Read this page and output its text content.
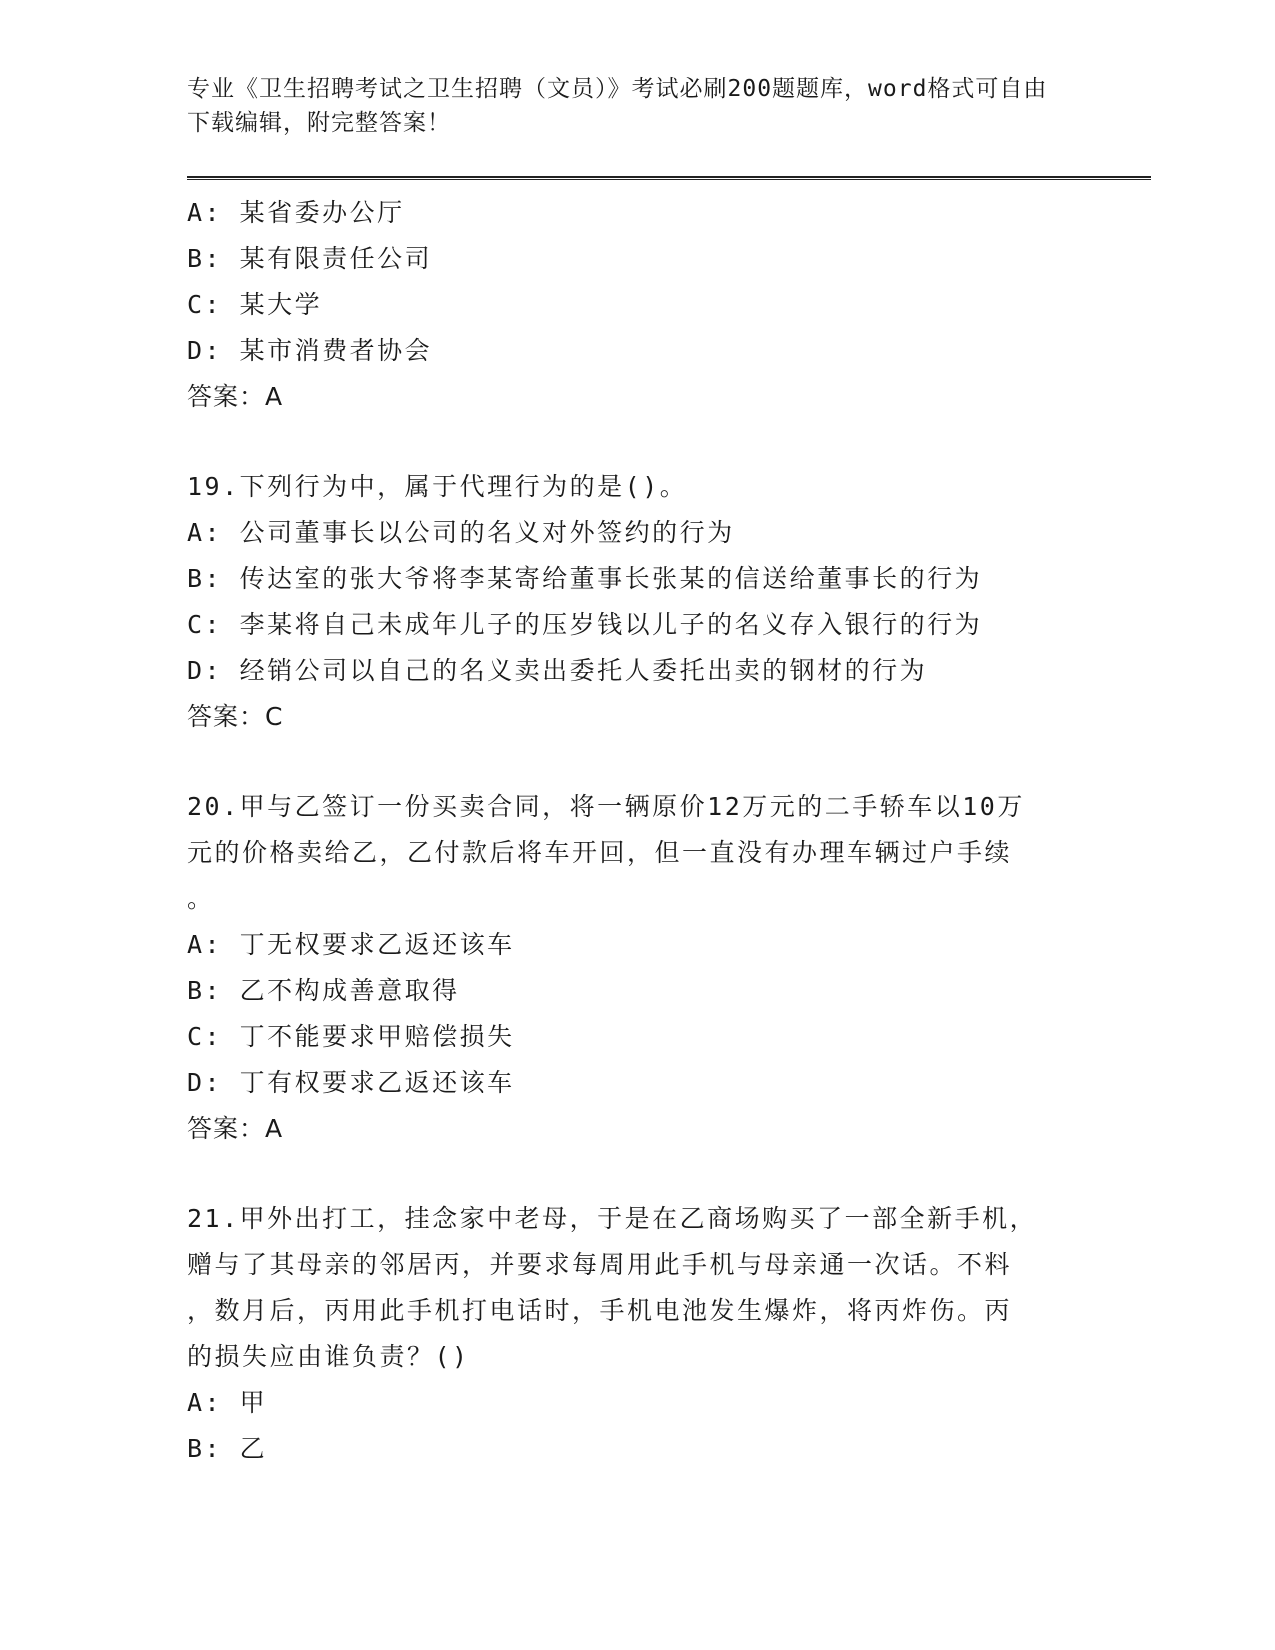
专业《卫生招聘考试之卫生招聘（文员）》考试必刷200题题库，word格式可自由下载编辑，附完整答案！

A: 某省委办公厅
B: 某有限责任公司
C: 某大学
D: 某市消费者协会
答案：A
19.下列行为中，属于代理行为的是()。
A: 公司董事长以公司的名义对外签约的行为
B: 传达室的张大爷将李某寄给董事长张某的信送给董事长的行为
C: 李某将自己未成年儿子的压岁钱以儿子的名义存入银行的行为
D: 经销公司以自己的名义卖出委托人委托出卖的钢材的行为
答案：C
20.甲与乙签订一份买卖合同，将一辆原价12万元的二手轿车以10万
元的价格卖给乙，乙付款后将车开回，但一直没有办理车辆过户手续
。
A: 丁无权要求乙返还该车
B: 乙不构成善意取得
C: 丁不能要求甲赔偿损失
D: 丁有权要求乙返还该车
答案：A
21.甲外出打工，挂念家中老母，于是在乙商场购买了一部全新手机，
赠与了其母亲的邻居丙，并要求每周用此手机与母亲通一次话。不料
，数月后，丙用此手机打电话时，手机电池发生爆炸，将丙炸伤。丙
的损失应由谁负责？()
A: 甲
B: 乙
